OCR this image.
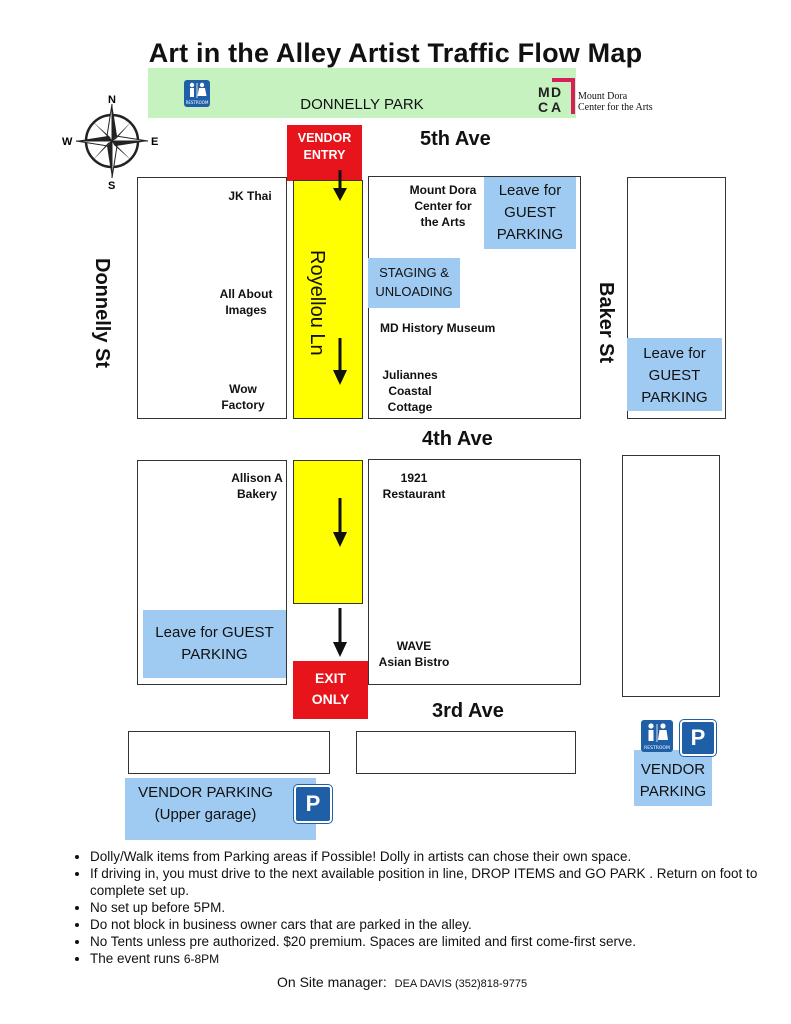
Art in the Alley Artist Traffic Flow Map
DONNELLY PARK
RESTROOM
M D
C A
Mount Dora
Center for the Arts
N
S
W	E	VENDOR
ENTRY
5th Ave
4th Ave
3rd Ave
Donnelly St	Baker St
Royellou Ln
EXIT
ONLY
JK Thai
All About
Images
Wow
Factory
Mount Dora
Center for
the Arts
MD History Museum
Juliannes
Coastal
Cottage
Allison A
Bakery
1921
Restaurant
WAVE
Asian Bistro
Leave for
GUEST
PARKING
STAGING &
UNLOADING
Leave for
GUEST
PARKING
Leave for GUEST
PARKING
VENDOR PARKING
(Upper garage)	P
VENDOR
PARKING
RESTROOM P
• Dolly/Walk items from Parking areas if Possible! Dolly in artists can chose their own space.
• If driving in, you must drive to the next available position in line, DROP ITEMS and GO PARK . Return on foot to complete set up.
• No set up before 5PM.
• Do not block in business owner cars that are parked in the alley.
• No Tents unless pre authorized. $20 premium. Spaces are limited and first come-first serve.
• The event runs 6-8PM
On Site manager: DEA DAVIS (352)818-9775
